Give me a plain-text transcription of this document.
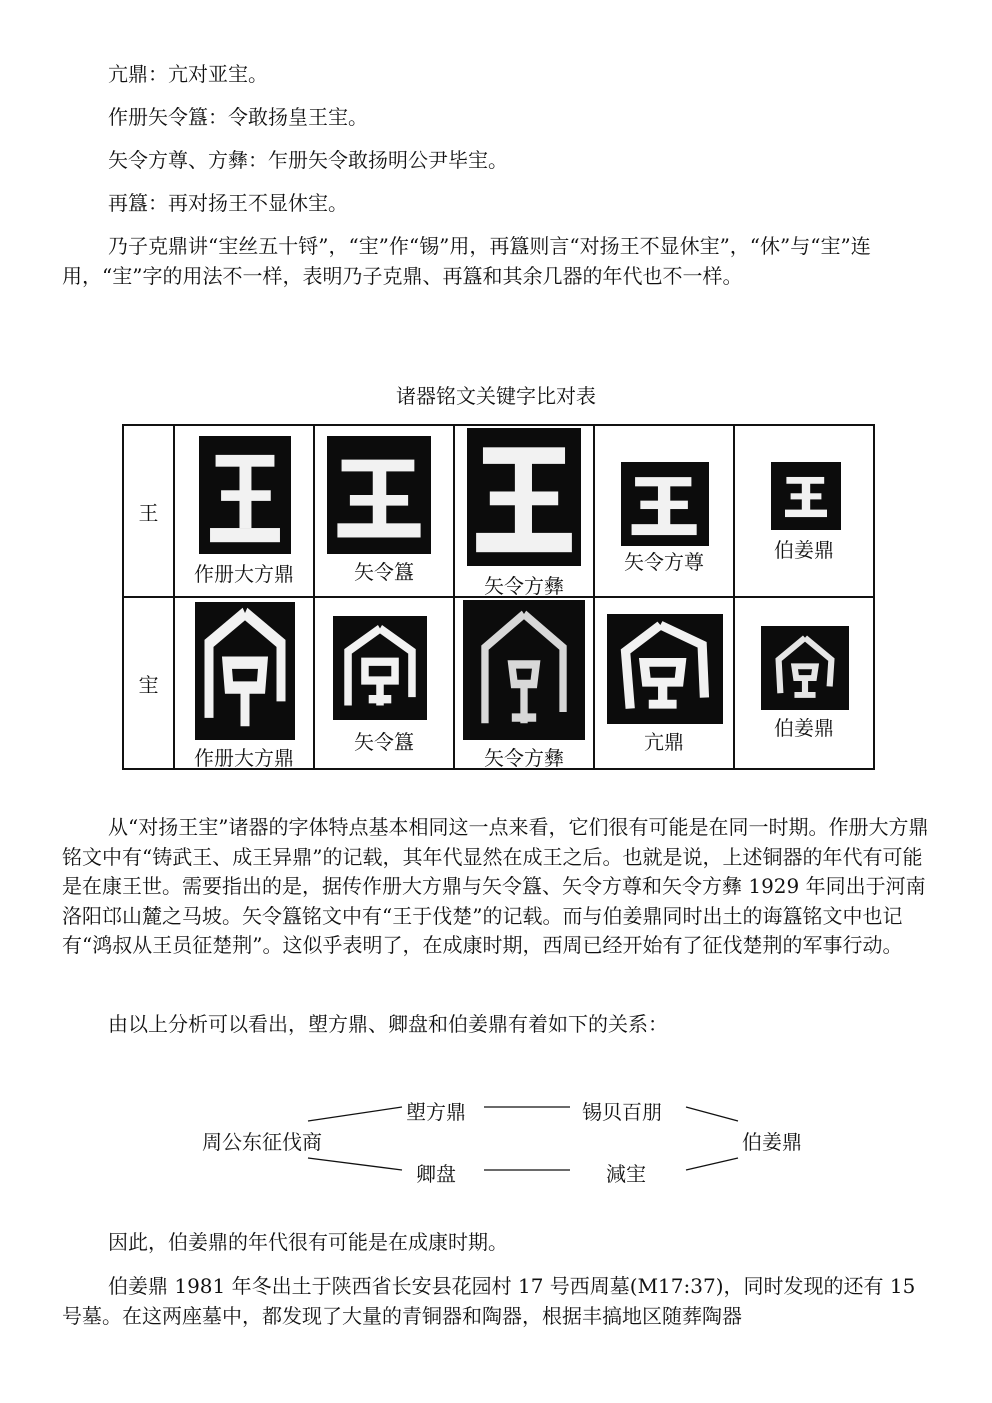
亢鼎：亢对亚宔。
作册矢令簋：令敢扬皇王宔。
矢令方尊、方彝：乍册矢令敢扬明公尹毕宔。
再簋：再对扬王不显休宔。

乃子克鼎讲“宔丝五十锊”，“宔”作“锡”用，再簋则言“对扬王不显休宔”，“休”与“宔”连用，“宔”字的用法不一样，表明乃子克鼎、再簋和其余几器的年代也不一样。

诸器铭文关键字比对表
王	作册大方鼎	矢令簋	矢令方彝	矢令方尊	伯姜鼎

宔	作册大方鼎	矢令簋	矢令方彝	亢鼎	伯姜鼎

从“对扬王宔”诸器的字体特点基本相同这一点来看，它们很有可能是在同一时期。作册大方鼎铭文中有“铸武王、成王异鼎”的记载，其年代显然在成王之后。也就是说，上述铜器的年代有可能是在康王世。需要指出的是，据传作册大方鼎与矢令簋、矢令方尊和矢令方彝 1929 年同出于河南洛阳邙山麓之马坡。矢令簋铭文中有“王于伐楚”的记载。而与伯姜鼎同时出土的诲簋铭文中也记有“鸿叔从王员征楚荆”。这似乎表明了，在成康时期，西周已经开始有了征伐楚荆的军事行动。

由以上分析可以看出，塱方鼎、卿盘和伯姜鼎有着如下的关系：

周公东征伐商
塱方鼎	锡贝百朋
卿盘	減宔
伯姜鼎

因此，伯姜鼎的年代很有可能是在成康时期。

伯姜鼎 1981 年冬出土于陕西省长安县花园村 17 号西周墓(M17:37)，同时发现的还有 15 号墓。在这两座墓中，都发现了大量的青铜器和陶器，根据丰搞地区随葬陶器
